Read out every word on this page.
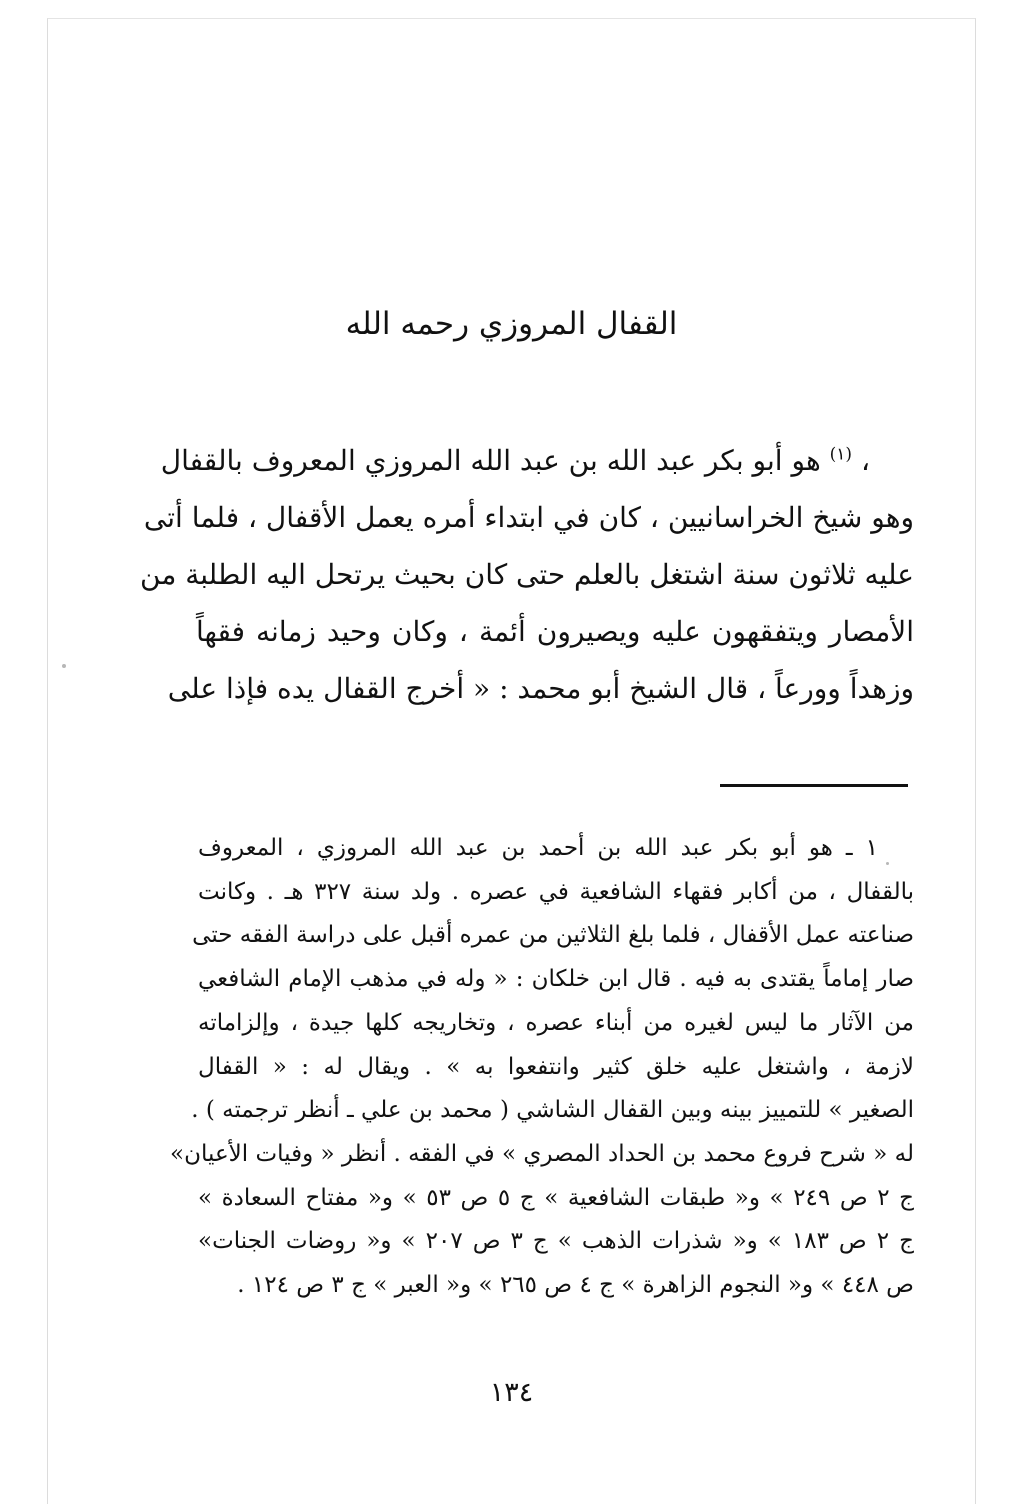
القفال المروزي رحمه الله
، $^{(١)}$ هو أبو بكر عبد الله بن عبد الله المروزي المعروف بالقفال
وهو شيخ الخراسانيين ، كان في ابتداء أمره يعمل الأقفال ، فلما أتى
عليه ثلاثون سنة اشتغل بالعلم حتى كان بحيث يرتحل اليه الطلبة من
الأمصار ويتفقهون عليه ويصيرون أئمة ، وكان وحيد زمانه فقهاً
وزهداً وورعاً ، قال الشيخ أبو محمد : « أخرج القفال يده فإذا على
١ ـ هو أبو بكر عبد الله بن أحمد بن عبد الله المروزي ، المعروف
بالقفال ، من أكابر فقهاء الشافعية في عصره . ولد سنة ٣٢٧ هـ . وكانت
صناعته عمل الأقفال ، فلما بلغ الثلاثين من عمره أقبل على دراسة الفقه حتى
صار إماماً يقتدى به فيه . قال ابن خلكان : « وله في مذهب الإمام الشافعي
من الآثار ما ليس لغيره من أبناء عصره ، وتخاريجه كلها جيدة ، وإلزاماته
لازمة ، واشتغل عليه خلق كثير وانتفعوا به » . ويقال له : « القفال
الصغير » للتمييز بينه وبين القفال الشاشي ( محمد بن علي ـ أنظر ترجمته ) .
له « شرح فروع محمد بن الحداد المصري » في الفقه . أنظر « وفيات الأعيان»
ج ٢ ص ٢٤٩ » و« طبقات الشافعية » ج ٥ ص ٥٣ » و« مفتاح السعادة »
ج ٢ ص ١٨٣ » و« شذرات الذهب » ج ٣ ص ٢٠٧ » و« روضات الجنات»
ص ٤٤٨ » و« النجوم الزاهرة » ج ٤ ص ٢٦٥ » و« العبر » ج ٣ ص ١٢٤ .
١٣٤
